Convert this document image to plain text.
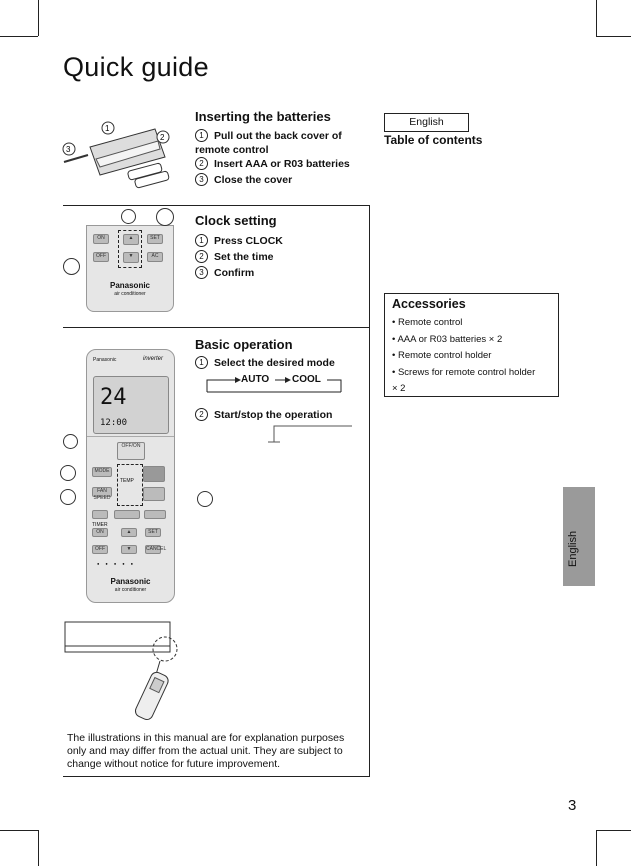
Quick guide
1
2
3
Inserting the batteries
1 Pull out the back cover of remote control
2 Insert AAA or R03 batteries
3 Close the cover
ON
OFF
▲
▼
SET
AC
Panasonic
air conditioner
Clock setting
1 Press CLOCK
2 Set the time
3 Confirm
Panasonic	inverter
24
12:00
OFF/ON
MODE
FAN SPEED
TEMP
TIMER
ON	▲	SET
OFF	▼	CANCEL
●●●●●
Panasonic
air conditioner
Basic operation
1 Select the desired mode
AUTO COOL
2 Start/stop the operation
The illustrations in this manual are for explanation purposes only and may differ from the actual unit. They are subject to change without notice for future improvement.
English
Table of contents
Accessories
• Remote control
• AAA or R03 batteries × 2
• Remote control holder
• Screws for remote control holder × 2
English
3
